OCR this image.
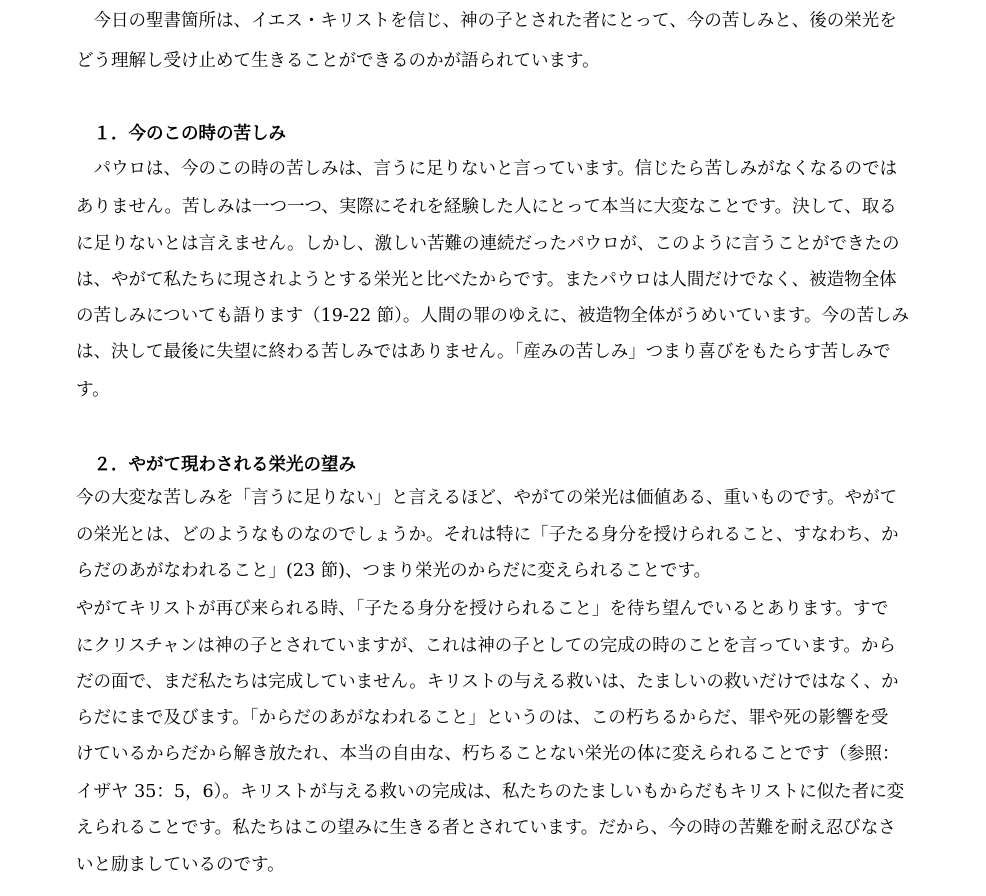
　今日の聖書箇所は、イエス・キリストを信じ、神の子とされた者にとって、今の苦しみと、後の栄光を
どう理解し受け止めて生きることができるのかが語られています。
　１．今のこの時の苦しみ
　パウロは、今のこの時の苦しみは、言うに足りないと言っています。信じたら苦しみがなくなるのでは
ありません。苦しみは一つ一つ、実際にそれを経験した人にとって本当に大変なことです。決して、取る
に足りないとは言えません。しかし、激しい苦難の連続だったパウロが、このように言うことができたの
は、やがて私たちに現されようとする栄光と比べたからです。またパウロは人間だけでなく、被造物全体
の苦しみについても語ります（19-22 節）。人間の罪のゆえに、被造物全体がうめいています。今の苦しみ
は、決して最後に失望に終わる苦しみではありません。「産みの苦しみ」つまり喜びをもたらす苦しみで
す。
　２．やがて現わされる栄光の望み
今の大変な苦しみを「言うに足りない」と言えるほど、やがての栄光は価値ある、重いものです。やがて
の栄光とは、どのようなものなのでしょうか。それは特に「子たる身分を授けられること、すなわち、か
らだのあがなわれること」(23 節)、つまり栄光のからだに変えられることです。
やがてキリストが再び来られる時、「子たる身分を授けられること」を待ち望んでいるとあります。すで
にクリスチャンは神の子とされていますが、これは神の子としての完成の時のことを言っています。から
だの面で、まだ私たちは完成していません。キリストの与える救いは、たましいの救いだけではなく、か
らだにまで及びます。「からだのあがなわれること」というのは、この朽ちるからだ、罪や死の影響を受
けているからだから解き放たれ、本当の自由な、朽ちることない栄光の体に変えられることです（参照：
イザヤ 35：5，6）。キリストが与える救いの完成は、私たちのたましいもからだもキリストに似た者に変
えられることです。私たちはこの望みに生きる者とされています。だから、今の時の苦難を耐え忍びなさ
いと励ましているのです。
